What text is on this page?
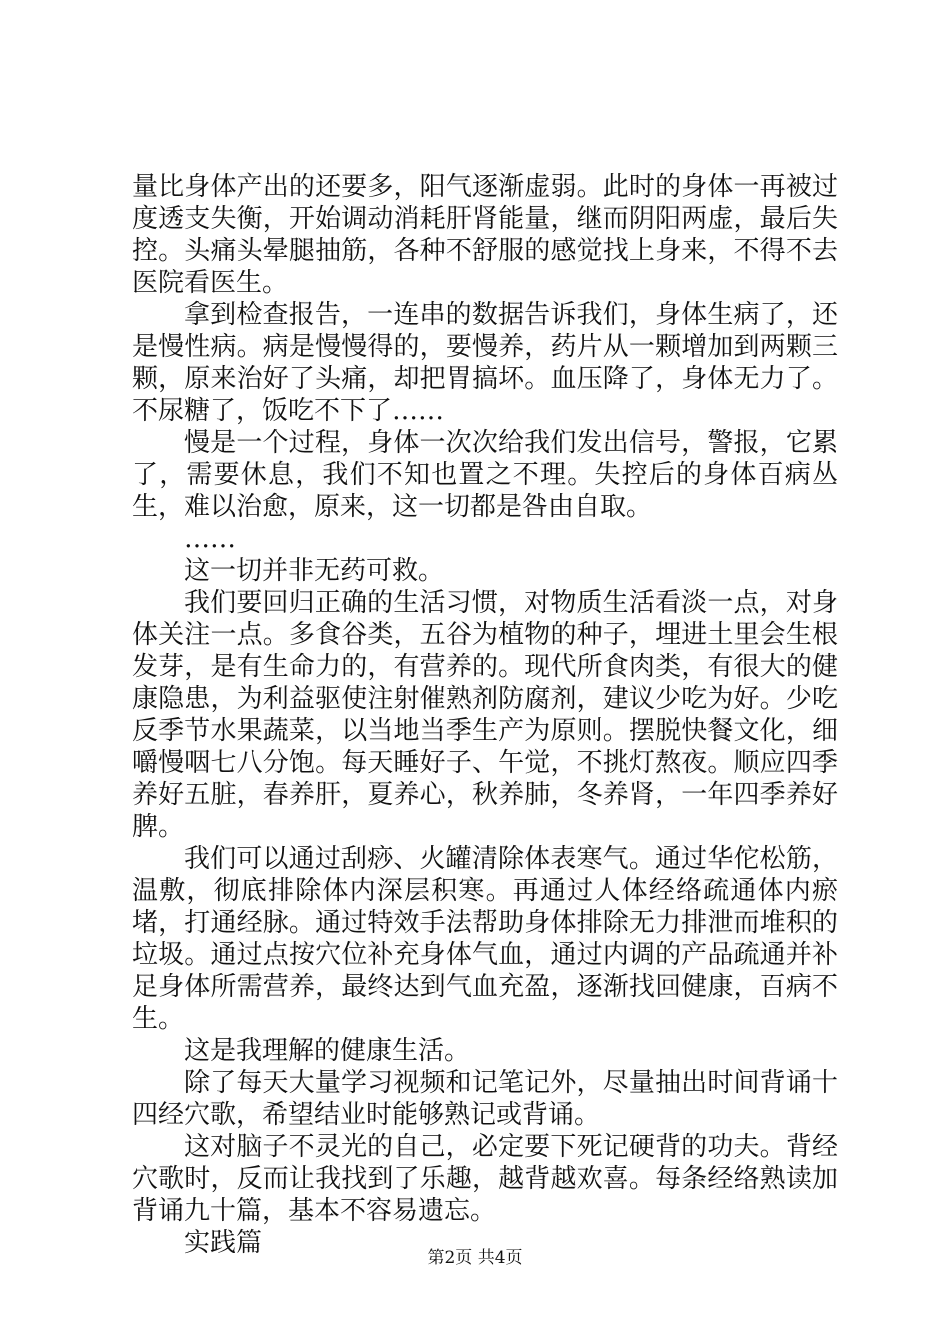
量比身体产出的还要多，阳气逐渐虚弱。此时的身体一再被过度透支失衡，开始调动消耗肝肾能量，继而阴阳两虚，最后失控。头痛头晕腿抽筋，各种不舒服的感觉找上身来，不得不去医院看医生。

拿到检查报告，一连串的数据告诉我们，身体生病了，还是慢性病。病是慢慢得的，要慢养，药片从一颗增加到两颗三颗，原来治好了头痛，却把胃搞坏。血压降了，身体无力了。不尿糖了，饭吃不下了……

慢是一个过程，身体一次次给我们发出信号，警报，它累了，需要休息，我们不知也置之不理。失控后的身体百病丛生，难以治愈，原来，这一切都是咎由自取。

……

这一切并非无药可救。

我们要回归正确的生活习惯，对物质生活看淡一点，对身体关注一点。多食谷类，五谷为植物的种子，埋进土里会生根发芽，是有生命力的，有营养的。现代所食肉类，有很大的健康隐患，为利益驱使注射催熟剂防腐剂，建议少吃为好。少吃反季节水果蔬菜，以当地当季生产为原则。摆脱快餐文化，细嚼慢咽七八分饱。每天睡好子、午觉，不挑灯熬夜。顺应四季养好五脏，春养肝，夏养心，秋养肺，冬养肾，一年四季养好脾。

我们可以通过刮痧、火罐清除体表寒气。通过华佗松筋，温敷，彻底排除体内深层积寒。再通过人体经络疏通体内瘀堵，打通经脉。通过特效手法帮助身体排除无力排泄而堆积的垃圾。通过点按穴位补充身体气血，通过内调的产品疏通并补足身体所需营养，最终达到气血充盈，逐渐找回健康，百病不生。

这是我理解的健康生活。

除了每天大量学习视频和记笔记外，尽量抽出时间背诵十四经穴歌，希望结业时能够熟记或背诵。

这对脑子不灵光的自己，必定要下死记硬背的功夫。背经穴歌时，反而让我找到了乐趣，越背越欢喜。每条经络熟读加背诵九十篇，基本不容易遗忘。

实践篇	第2页 共4页
